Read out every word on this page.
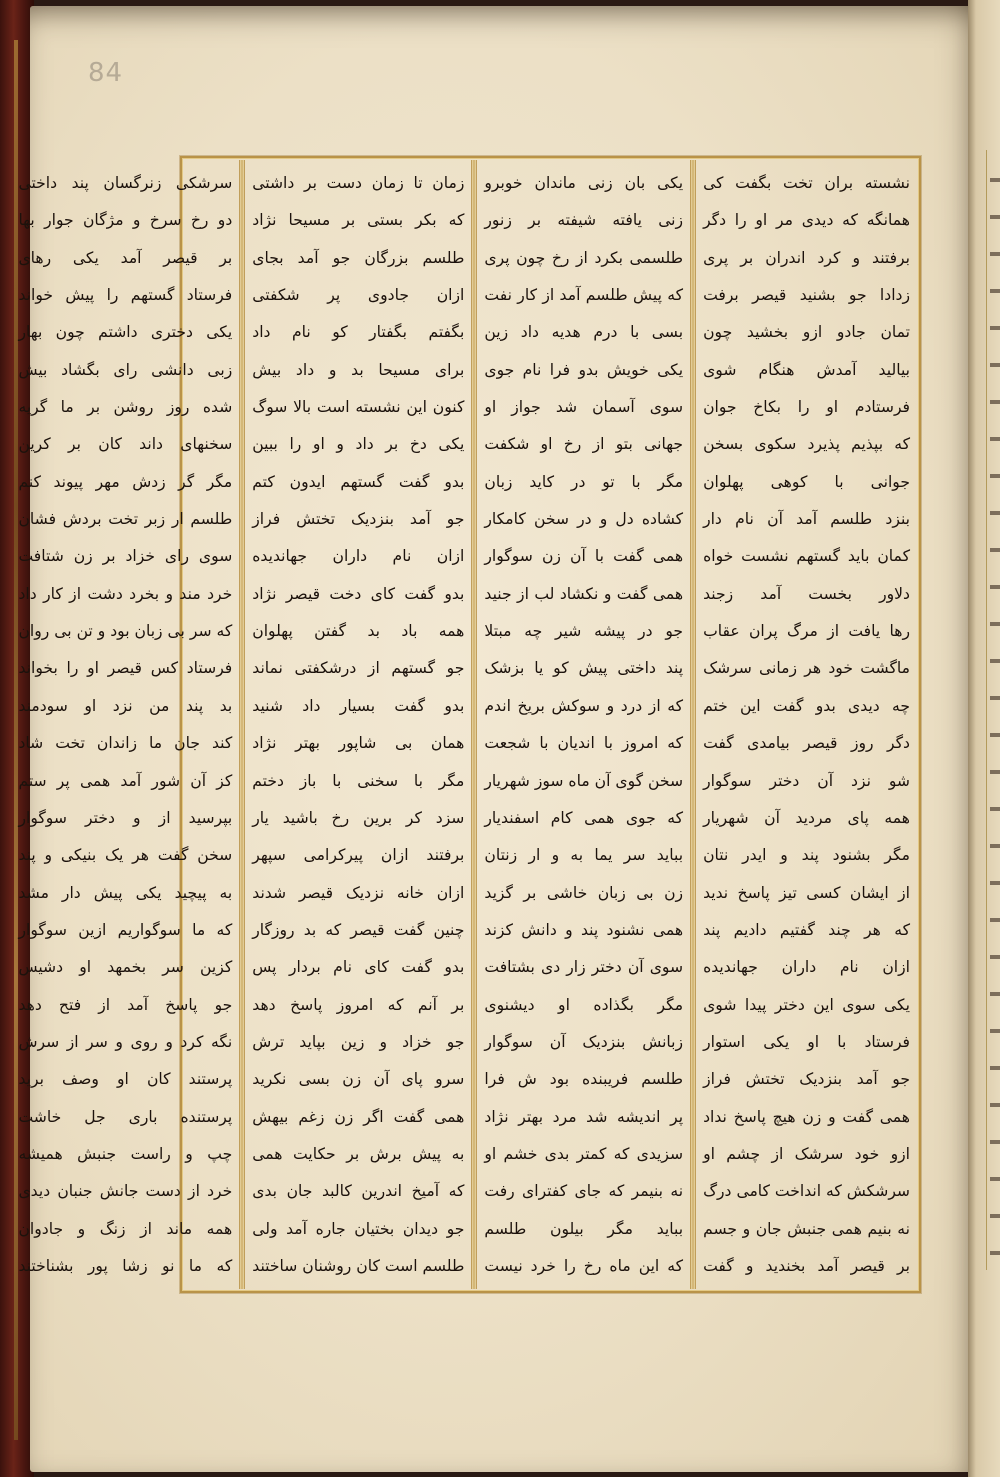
84
نشسته بران تخت بگفت کی
همانگه که دیدی مر او را دگر
برفتند و کرد اندران بر پری
زدادا جو بشنید قیصر برفت
تمان جادو ازو بخشید چون
بیالید آمدش هنگام شوی
فرستادم او را بکاخ جوان
که بپذیم پذیرد سکوی بسخن
جوانی با کوهی پهلوان
بنزد طلسم آمد آن نام دار
کمان باید گستهم نشست خواه
دلاور بخست آمد زجند
رها یافت از مرگ پران عقاب
ماگشت خود هر زمانی سرشک
چه دیدی بدو گفت این ختم
دگر روز قیصر بیامدی گفت
شو نزد آن دختر سوگوار
همه پای مردید آن شهریار
مگر بشنود پند و ایدر نتان
از ایشان کسی تیز پاسخ ندید
که هر چند گفتیم دادیم پند
ازان نام داران جهاندیده
یکی سوی این دختر پیدا شوی
فرستاد با او یکی استوار
جو آمد بنزدیک تختش فراز
همی گفت و زن هیچ پاسخ نداد
ازو خود سرشک از چشم او
سرشکش که انداخت کامی درگ
نه بنیم همی جنبش جان و جسم
بر قیصر آمد بخندید و گفت
یکی بان زنی ماندان خوبرو
زنی یافته شیفته بر زنور
طلسمی بکرد از رخ چون پری
که پیش طلسم آمد از کار نفت
بسی با درم هدیه داد زین
یکی خویش بدو فرا نام جوی
سوی آسمان شد جواز او
جهانی بتو از رخ او شکفت
مگر با تو در کاید زبان
کشاده دل و در سخن کامکار
همی گفت با آن زن سوگوار
همی گفت و نکشاد لب از جنید
جو در پیشه شیر چه مبتلا
پند داختی پیش کو یا بزشک
که از درد و سوکش بریخ اندم
که امروز با اندیان با شجعت
سخن گوی آن ماه سوز شهریار
که جوی همی کام اسفندیار
بباید سر یما به و ار زنتان
زن بی زبان خاشی بر گزید
همی نشنود پند و دانش کزند
سوی آن دختر زار دی بشتافت
مگر بگذاده او دیشنوی
زبانش بنزدیک آن سوگوار
طلسم فریبنده بود ش فرا
پر اندیشه شد مرد بهتر نژاد
سزیدی که کمتر بدی خشم او
نه بنیمر که جای کفترای رفت
بباید مگر بیلون طلسم
که این ماه رخ را خرد نیست
زمان تا زمان دست بر داشتی
که بکر بستی بر مسیحا نژاد
طلسم بزرگان جو آمد بجای
ازان جادوی پر شکفتی
بگفتم بگفتار کو نام داد
برای مسیحا بد و داد بیش
کنون این نشسته است بالا سوگ
یکی دخ بر داد و او را ببین
بدو گفت گستهم ایدون کتم
جو آمد بنزدیک تختش فراز
ازان نام داران جهاندیده
بدو گفت کای دخت قیصر نژاد
همه باد بد گفتن پهلوان
جو گستهم از درشکفتی نماند
بدو گفت بسیار داد شنید
همان بی شاپور بهتر نژاد
مگر با سخنی با باز دختم
سزد کر برین رخ باشید یار
برفتند ازان پیرکرامی سپهر
ازان خانه نزدیک قیصر شدند
چنین گفت قیصر که بد روزگار
بدو گفت کای نام بردار پس
بر آنم که امروز پاسخ دهد
جو خزاد و زین بپاید ترش
سرو پای آن زن بسی نکرید
همی گفت اگر زن زغم بیهش
به پیش برش بر حکایت همی
که آمیخ اندرین کالبد جان بدی
جو دیدان بختیان جاره آمد ولی
طلسم است کان روشنان ساختند
سرشکی زنرگسان پند داختی
دو رخ سرخ و مژگان جوار بها
بر قیصر آمد یکی رهای
فرستاد گستهم را پیش خواند
یکی دختری داشتم چون بهار
زبی دانشی رای بگشاد بیش
شده روز روشن بر ما گریه
سخنهای داند کان بر کرین
مگر گر زدش مهر پیوند کنم
طلسم ار زبر تخت بردش فشان
سوی رای خزاد بر زن شتافت
خرد مند و بخرد دشت از کار داد
که سر بی زبان بود و تن بی روان
فرستاد کس قیصر او را بخواند
بد پند من نزد او سودمند
کند جان ما زاندان تخت شاد
کز آن شور آمد همی پر ستم
بپرسید از و دختر سوگوار
سخن گفت هر یک بنیکی و پند
به پیچید یکی پیش دار مشد
که ما سوگواریم ازین سوگوار
کزین سر بخمهد او دشیس
جو پاسخ آمد از فتح دهد
نگه کرد و روی و سر از سرش
پرستند کان او وصف برید
پرستنده باری جل خاشت
چپ و راست جنبش همیشه
خرد از دست جانش جنبان دیدی
همه ماند از زنگ و جادوان
که ما نو زشا پور بشناختند
